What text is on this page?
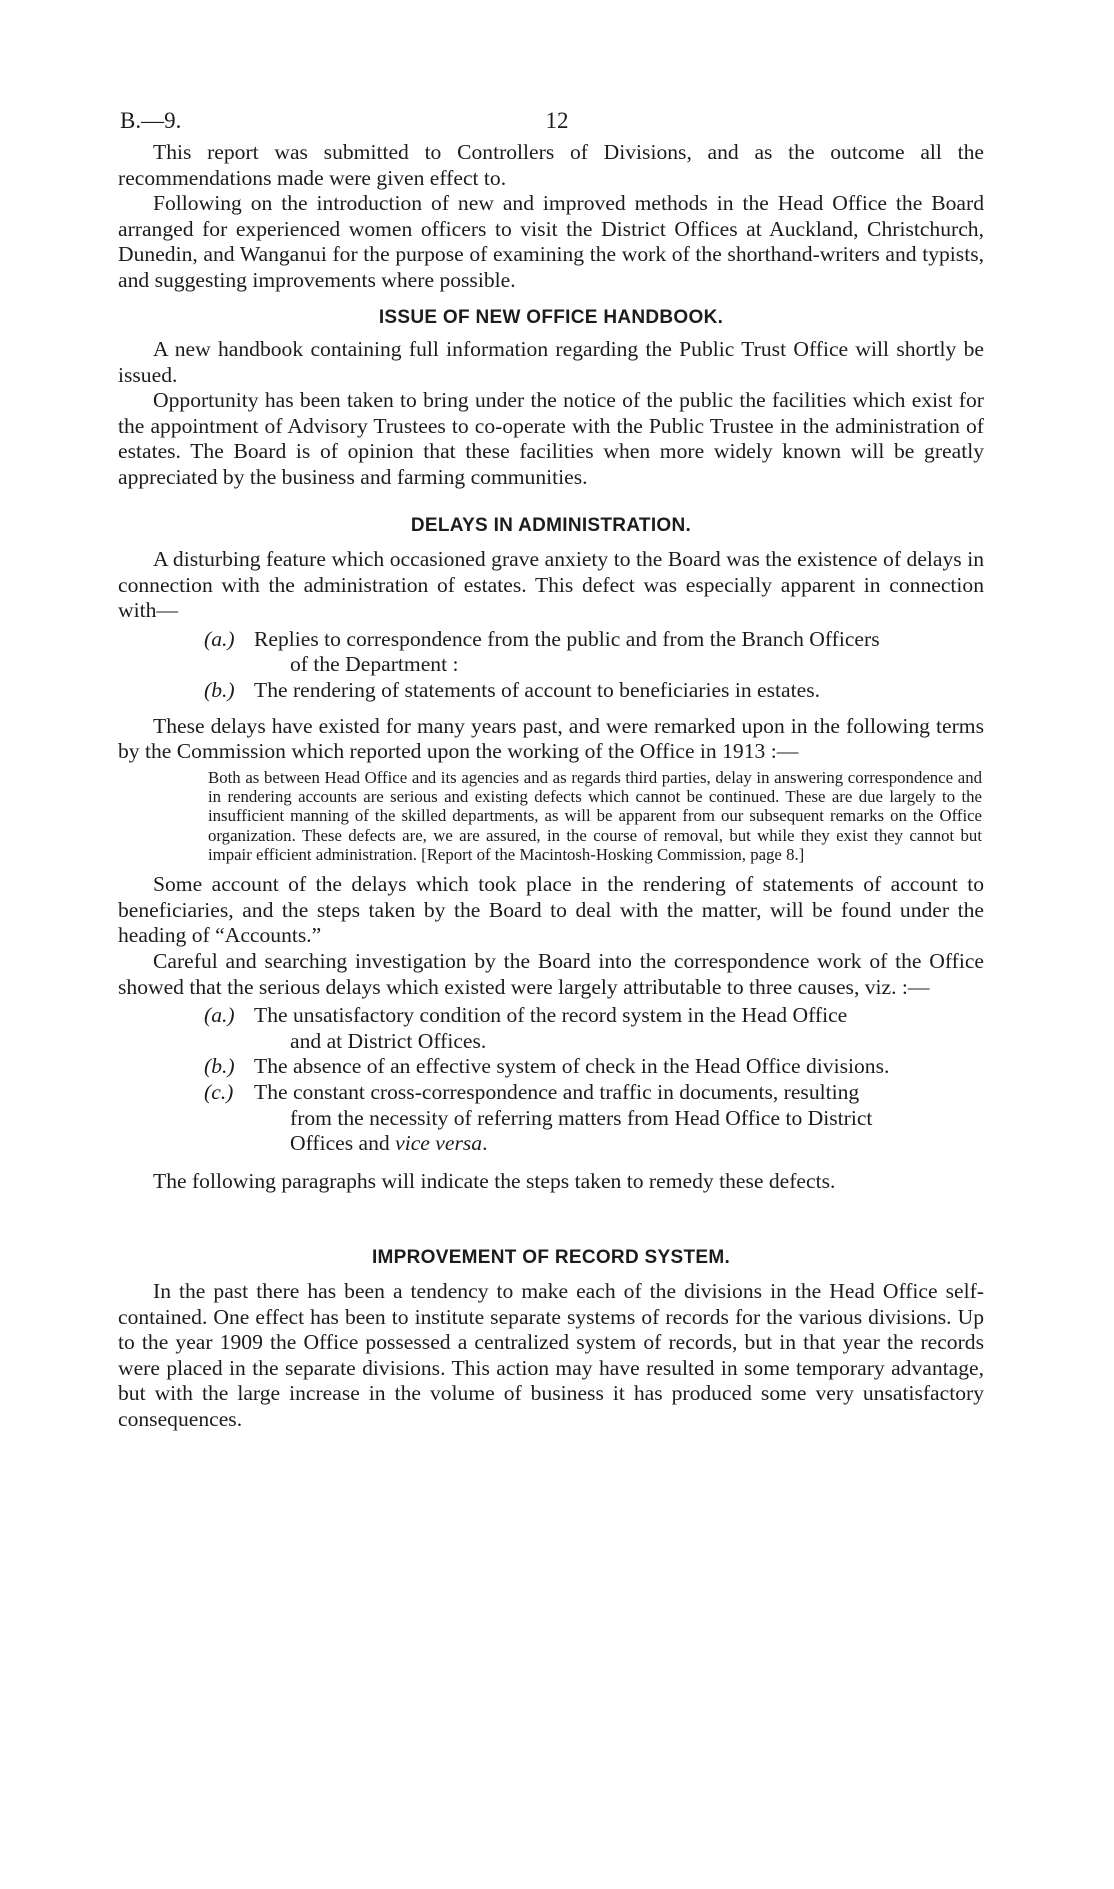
B.—9.	12

This report was submitted to Controllers of Divisions, and as the outcome all the recommendations made were given effect to.

Following on the introduction of new and improved methods in the Head Office the Board arranged for experienced women officers to visit the District Offices at Auckland, Christchurch, Dunedin, and Wanganui for the purpose of examining the work of the shorthand-writers and typists, and suggesting improvements where possible.

ISSUE OF NEW OFFICE HANDBOOK.

A new handbook containing full information regarding the Public Trust Office will shortly be issued.

Opportunity has been taken to bring under the notice of the public the facilities which exist for the appointment of Advisory Trustees to co-operate with the Public Trustee in the administration of estates. The Board is of opinion that these facilities when more widely known will be greatly appreciated by the business and farming communities.

DELAYS IN ADMINISTRATION.

A disturbing feature which occasioned grave anxiety to the Board was the existence of delays in connection with the administration of estates. This defect was especially apparent in connection with—

(a.) Replies to correspondence from the public and from the Branch Officers
of the Department :
(b.) The rendering of statements of account to beneficiaries in estates.

These delays have existed for many years past, and were remarked upon in the following terms by the Commission which reported upon the working of the Office in 1913 :—

Both as between Head Office and its agencies and as regards third parties, delay in answering correspondence and in rendering accounts are serious and existing defects which cannot be continued. These are due largely to the insufficient manning of the skilled departments, as will be apparent from our subsequent remarks on the Office organization. These defects are, we are assured, in the course of removal, but while they exist they cannot but impair efficient administration. [Report of the Macintosh-Hosking Commission, page 8.]

Some account of the delays which took place in the rendering of statements of account to beneficiaries, and the steps taken by the Board to deal with the matter, will be found under the heading of “Accounts.”

Careful and searching investigation by the Board into the correspondence work of the Office showed that the serious delays which existed were largely attributable to three causes, viz. :—

(a.) The unsatisfactory condition of the record system in the Head Office
and at District Offices.
(b.) The absence of an effective system of check in the Head Office divisions.
(c.) The constant cross-correspondence and traffic in documents, resulting
from the necessity of referring matters from Head Office to District
Offices and vice versa.

The following paragraphs will indicate the steps taken to remedy these defects.

IMPROVEMENT OF RECORD SYSTEM.

In the past there has been a tendency to make each of the divisions in the Head Office self-contained. One effect has been to institute separate systems of records for the various divisions. Up to the year 1909 the Office possessed a centralized system of records, but in that year the records were placed in the separate divisions. This action may have resulted in some temporary advantage, but with the large increase in the volume of business it has produced some very unsatisfactory consequences.
